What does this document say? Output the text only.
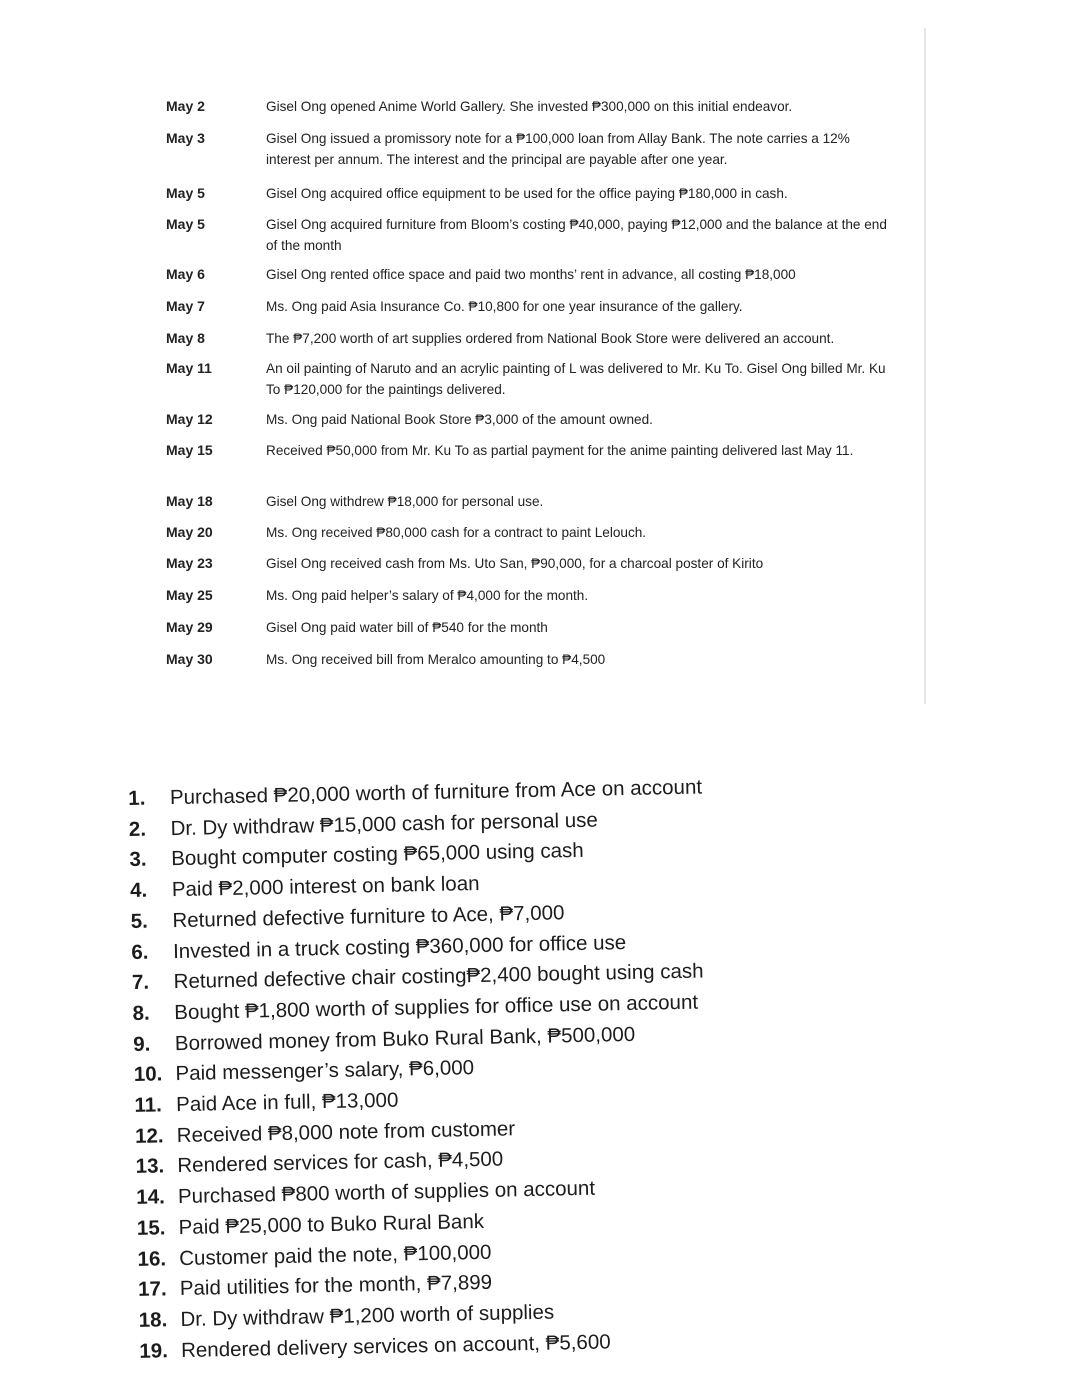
May 2	Gisel Ong opened Anime World Gallery. She invested ₱300,000 on this initial endeavor.
May 3	Gisel Ong issued a promissory note for a ₱100,000 loan from Allay Bank. The note carries a 12% interest per annum. The interest and the principal are payable after one year.
May 5	Gisel Ong acquired office equipment to be used for the office paying ₱180,000 in cash.
May 5	Gisel Ong acquired furniture from Bloom’s costing ₱40,000, paying ₱12,000 and the balance at the end of the month
May 6	Gisel Ong rented office space and paid two months’ rent in advance, all costing ₱18,000
May 7	Ms. Ong paid Asia Insurance Co. ₱10,800 for one year insurance of the gallery.
May 8	The ₱7,200 worth of art supplies ordered from National Book Store were delivered an account.
May 11	An oil painting of Naruto and an acrylic painting of L was delivered to Mr. Ku To. Gisel Ong billed Mr. Ku To ₱120,000 for the paintings delivered.
May 12	Ms. Ong paid National Book Store ₱3,000 of the amount owned.
May 15	Received ₱50,000 from Mr. Ku To as partial payment for the anime painting delivered last May 11.
May 18	Gisel Ong withdrew ₱18,000 for personal use.
May 20	Ms. Ong received ₱80,000 cash for a contract to paint Lelouch.
May 23	Gisel Ong received cash from Ms. Uto San, ₱90,000, for a charcoal poster of Kirito
May 25	Ms. Ong paid helper’s salary of ₱4,000 for the month.
May 29	Gisel Ong paid water bill of ₱540 for the month
May 30	Ms. Ong received bill from Meralco amounting to ₱4,500
1. Purchased ₱20,000 worth of furniture from Ace on account
2. Dr. Dy withdraw ₱15,000 cash for personal use
3. Bought computer costing ₱65,000 using cash
4. Paid ₱2,000 interest on bank loan
5. Returned defective furniture to Ace, ₱7,000
6. Invested in a truck costing ₱360,000 for office use
7. Returned defective chair costing₱2,400 bought using cash
8. Bought ₱1,800 worth of supplies for office use on account
9. Borrowed money from Buko Rural Bank, ₱500,000
10. Paid messenger’s salary, ₱6,000
11. Paid Ace in full, ₱13,000
12. Received ₱8,000 note from customer
13. Rendered services for cash, ₱4,500
14. Purchased ₱800 worth of supplies on account
15. Paid ₱25,000 to Buko Rural Bank
16. Customer paid the note, ₱100,000
17. Paid utilities for the month, ₱7,899
18. Dr. Dy withdraw ₱1,200 worth of supplies
19. Rendered delivery services on account, ₱5,600
